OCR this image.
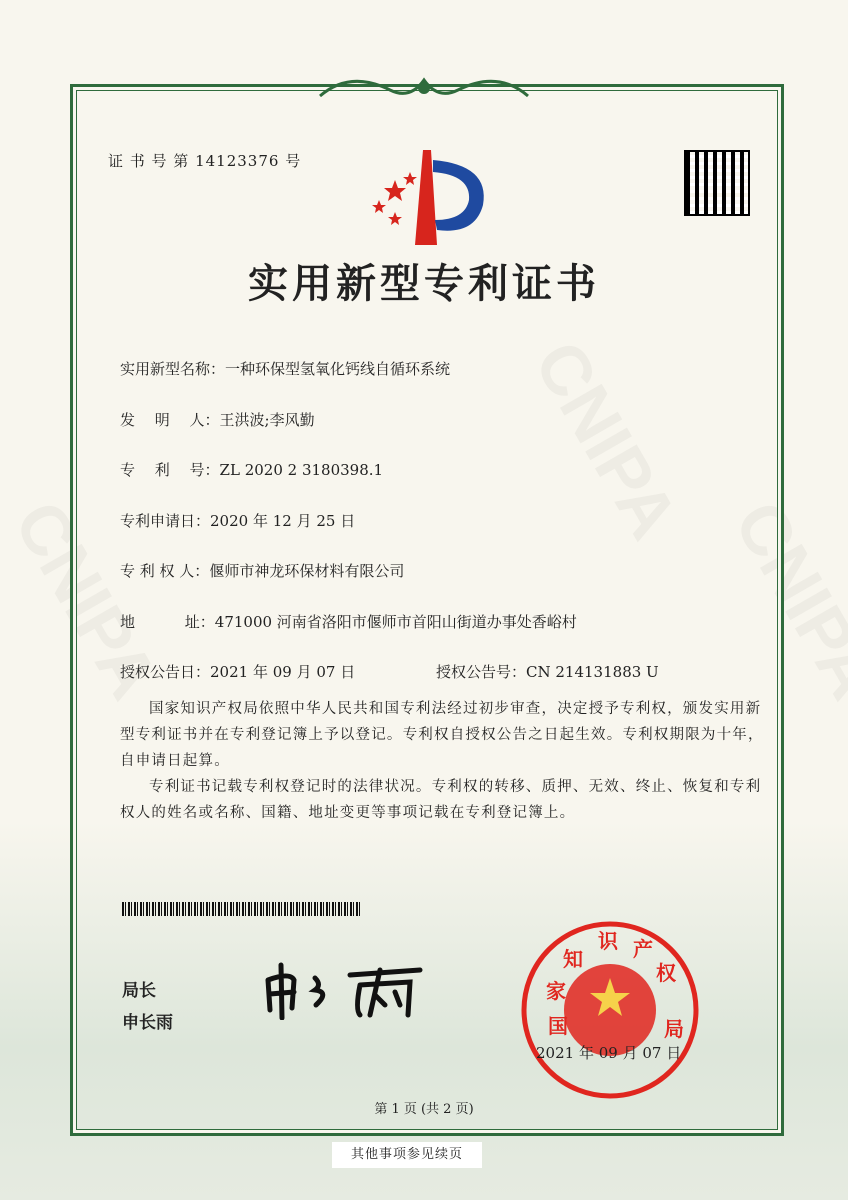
证 书 号 第 14123376 号
实用新型专利证书
实用新型名称：一种环保型氢氧化钙线自循环系统
发　 明　 人：王洪波;李风勤
专　 利　 号：ZL 2020 2 3180398.1
专利申请日：2020 年 12 月 25 日
专 利 权 人：偃师市神龙环保材料有限公司
地　　　 址：471000 河南省洛阳市偃师市首阳山街道办事处香峪村
授权公告日：2021 年 09 月 07 日	授权公告号：CN 214131883 U
国家知识产权局依照中华人民共和国专利法经过初步审查，决定授予专利权，颁发实用新型专利证书并在专利登记簿上予以登记。专利权自授权公告之日起生效。专利权期限为十年，自申请日起算。
专利证书记载专利权登记时的法律状况。专利权的转移、质押、无效、终止、恢复和专利权人的姓名或名称、国籍、地址变更等事项记载在专利登记簿上。
局长
申长雨	国家知识 产权局
2021 年 09 月 07 日
第 1 页 (共 2 页)
其他事项参见续页
